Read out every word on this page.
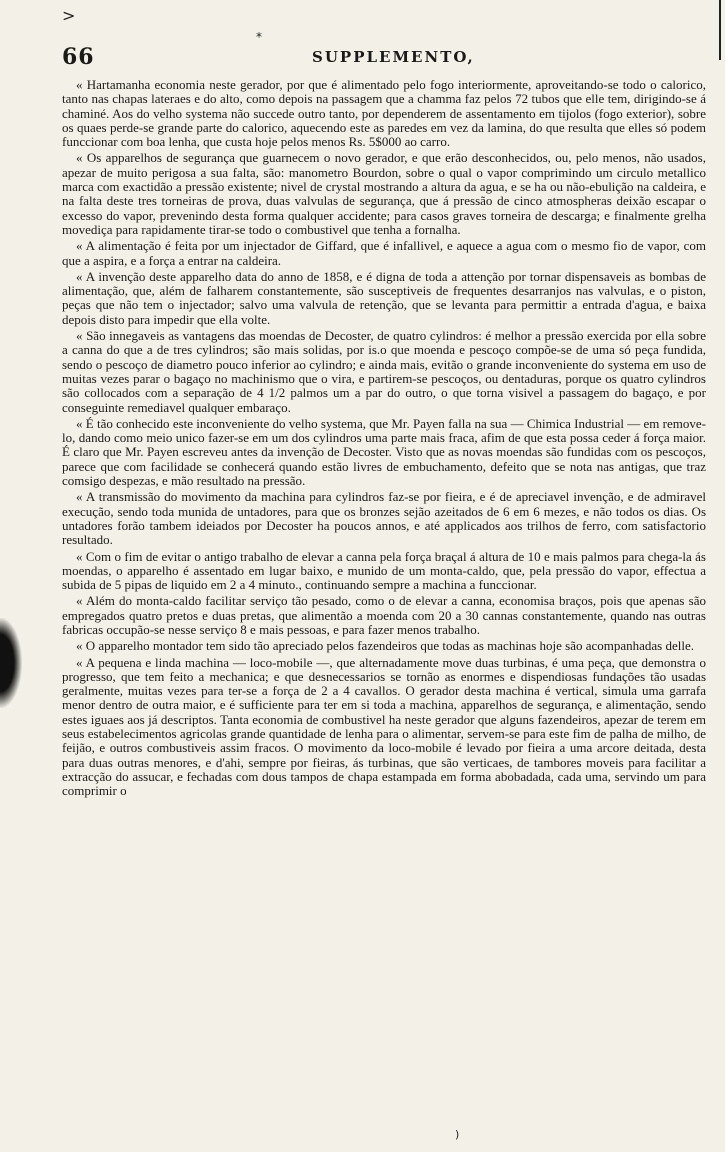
>
*
66	SUPPLEMENTO,

« Hartamanha economia neste gerador, por que é alimentado pelo fogo interiormente, aproveitando-se todo o calorico, tanto nas chapas lateraes e do alto, como depois na passagem que a chamma faz pelos 72 tubos que elle tem, dirigindo-se á chaminé. Aos do velho systema não succede outro tanto, por dependerem de assentamento em tijolos (fogo exterior), sobre os quaes perde-se grande parte do calorico, aquecendo este as paredes em vez da lamina, do que resulta que elles só podem funccionar com boa lenha, que custa hoje pelos menos Rs. 5$000 ao carro.

« Os apparelhos de segurança que guarnecem o novo gerador, e que erão desconhecidos, ou, pelo menos, não usados, apezar de muito perigosa a sua falta, são: manometro Bourdon, sobre o qual o vapor comprimindo um circulo metallico marca com exactidão a pressão existente; nivel de crystal mostrando a altura da agua, e se ha ou não-ebulição na caldeira, e na falta deste tres torneiras de prova, duas valvulas de segurança, que á pressão de cinco atmospheras deixão escapar o excesso do vapor, prevenindo desta forma qualquer accidente; para casos graves torneira de descarga; e finalmente grelha movediça para rapidamente tirar-se todo o combustivel que tenha a fornalha.

« A alimentação é feita por um injectador de Giffard, que é infallivel, e aquece a agua com o mesmo fio de vapor, com que a aspira, e a força a entrar na caldeira.

« A invenção deste apparelho data do anno de 1858, e é digna de toda a attenção por tornar dispensaveis as bombas de alimentação, que, além de falharem constantemente, são susceptiveis de frequentes desarranjos nas valvulas, e o piston, peças que não tem o injectador; salvo uma valvula de retenção, que se levanta para permittir a entrada d'agua, e baixa depois disto para impedir que ella volte.

« São innegaveis as vantagens das moendas de Decoster, de quatro cylindros: é melhor a pressão exercida por ella sobre a canna do que a de tres cylindros; são mais solidas, por is.o que moenda e pescoço compõe-se de uma só peça fundida, sendo o pescoço de diametro pouco inferior ao cylindro; e ainda mais, evitão o grande inconveniente do systema em uso de muitas vezes parar o bagaço no machinismo que o vira, e partirem-se pescoços, ou dentaduras, porque os quatro cylindros são collocados com a separação de 4 1/2 palmos um a par do outro, o que torna visivel a passagem do bagaço, e por conseguinte remediavel qualquer embaraço.

« É tão conhecido este inconveniente do velho systema, que Mr. Payen falla na sua — Chimica Industrial — em remove-lo, dando como meio unico fazer-se em um dos cylindros uma parte mais fraca, afim de que esta possa ceder á força maior. É claro que Mr. Payen escreveu antes da invenção de Decoster. Visto que as novas moendas são fundidas com os pescoços, parece que com facilidade se conhecerá quando estão livres de embuchamento, defeito que se nota nas antigas, que traz comsigo despezas, e mão resultado na pressão.

« A transmissão do movimento da machina para cylindros faz-se por fieira, e é de apreciavel invenção, e de admiravel execução, sendo toda munida de untadores, para que os bronzes sejão azeitados de 6 em 6 mezes, e não todos os dias. Os untadores forão tambem ideiados por Decoster ha poucos annos, e até applicados aos trilhos de ferro, com satisfactorio resultado.

« Com o fim de evitar o antigo trabalho de elevar a canna pela força braçal á altura de 10 e mais palmos para chega-la ás moendas, o apparelho é assentado em lugar baixo, e munido de um monta-caldo, que, pela pressão do vapor, effectua a subida de 5 pipas de liquido em 2 a 4 minuto., continuando sempre a machina a funccionar.

« Além do monta-caldo facilitar serviço tão pesado, como o de elevar a canna, economisa braços, pois que apenas são empregados quatro pretos e duas pretas, que alimentão a moenda com 20 a 30 cannas constantemente, quando nas outras fabricas occupão-se nesse serviço 8 e mais pessoas, e para fazer menos trabalho.

« O apparelho montador tem sido tão apreciado pelos fazendeiros que todas as machinas hoje são acompanhadas delle.

« A pequena e linda machina — loco-mobile —, que alternadamente move duas turbinas, é uma peça, que demonstra o progresso, que tem feito a mechanica; e que desnecessarios se tornão as enormes e dispendiosas fundações tão usadas geralmente, muitas vezes para ter-se a força de 2 a 4 cavallos. O gerador desta machina é vertical, simula uma garrafa menor dentro de outra maior, e é sufficiente para ter em si toda a machina, apparelhos de segurança, e alimentação, sendo estes iguaes aos já descriptos. Tanta economia de combustivel ha neste gerador que alguns fazendeiros, apezar de terem em seus estabelecimentos agricolas grande quantidade de lenha para o alimentar, servem-se para este fim de palha de milho, de feijão, e outros combustiveis assim fracos. O movimento da loco-mobile é levado por fieira a uma arcore deitada, desta para duas outras menores, e d'ahi, sempre por fieiras, ás turbinas, que são verticaes, de tambores moveis para facilitar a extracção do assucar, e fechadas com dous tampos de chapa estampada em forma abobadada, cada uma, servindo um para comprimir o

)
